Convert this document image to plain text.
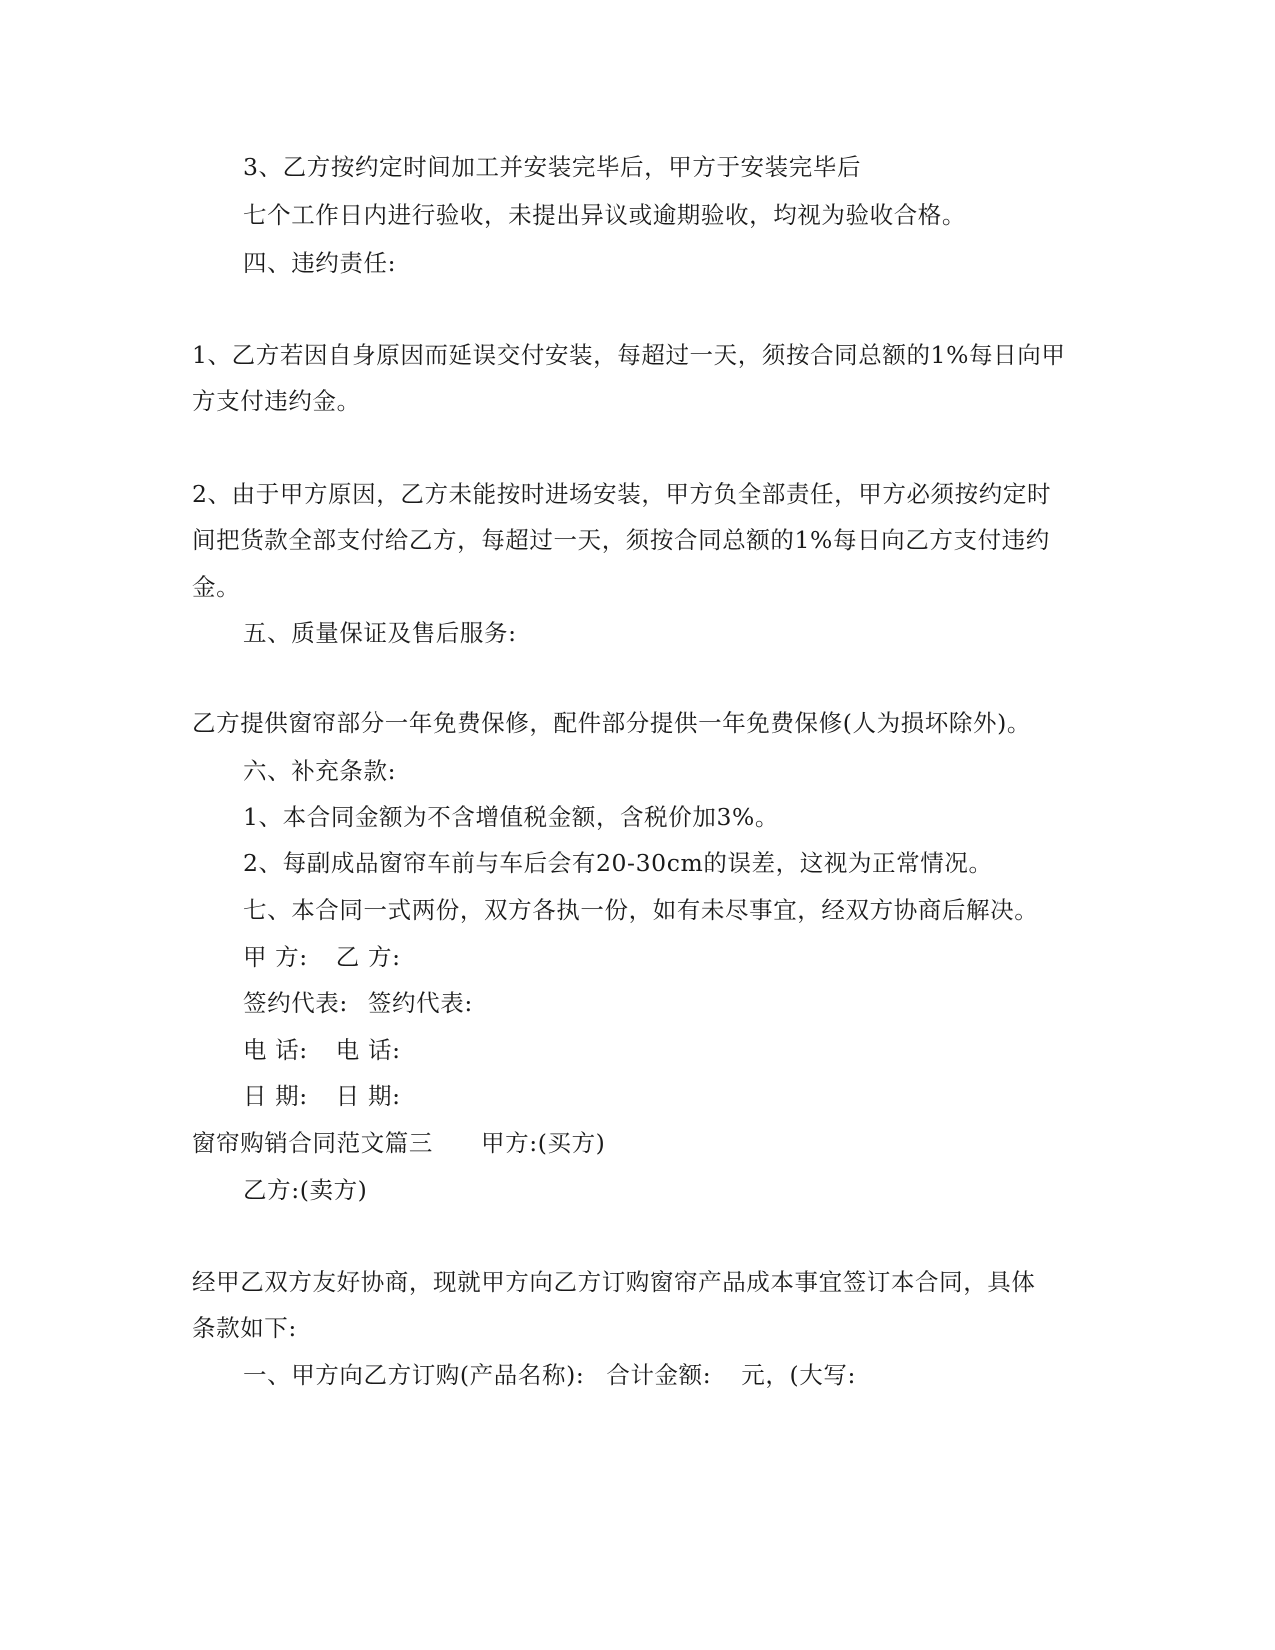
3、乙方按约定时间加工并安装完毕后，甲方于安装完毕后
七个工作日内进行验收，未提出异议或逾期验收，均视为验收合格。
四、违约责任:
1、乙方若因自身原因而延误交付安装，每超过一天，须按合同总额的1%每日向甲
方支付违约金。
2、由于甲方原因，乙方未能按时进场安装，甲方负全部责任，甲方必须按约定时
间把货款全部支付给乙方，每超过一天，须按合同总额的1%每日向乙方支付违约
金。
五、质量保证及售后服务:
乙方提供窗帘部分一年免费保修，配件部分提供一年免费保修(人为损坏除外)。
六、补充条款:
1、本合同金额为不含增值税金额，含税价加3%。
2、每副成品窗帘车前与车后会有20-30cm的误差，这视为正常情况。
七、本合同一式两份，双方各执一份，如有未尽事宜，经双方协商后解决。
甲 方: 乙 方:
签约代表: 签约代表:
电 话: 电 话:
日 期: 日 期:
窗帘购销合同范文篇三 甲方:(买方)
乙方:(卖方)
经甲乙双方友好协商，现就甲方向乙方订购窗帘产品成本事宜签订本合同，具体
条款如下:
一、甲方向乙方订购(产品名称): 合计金额: 元，(大写:
